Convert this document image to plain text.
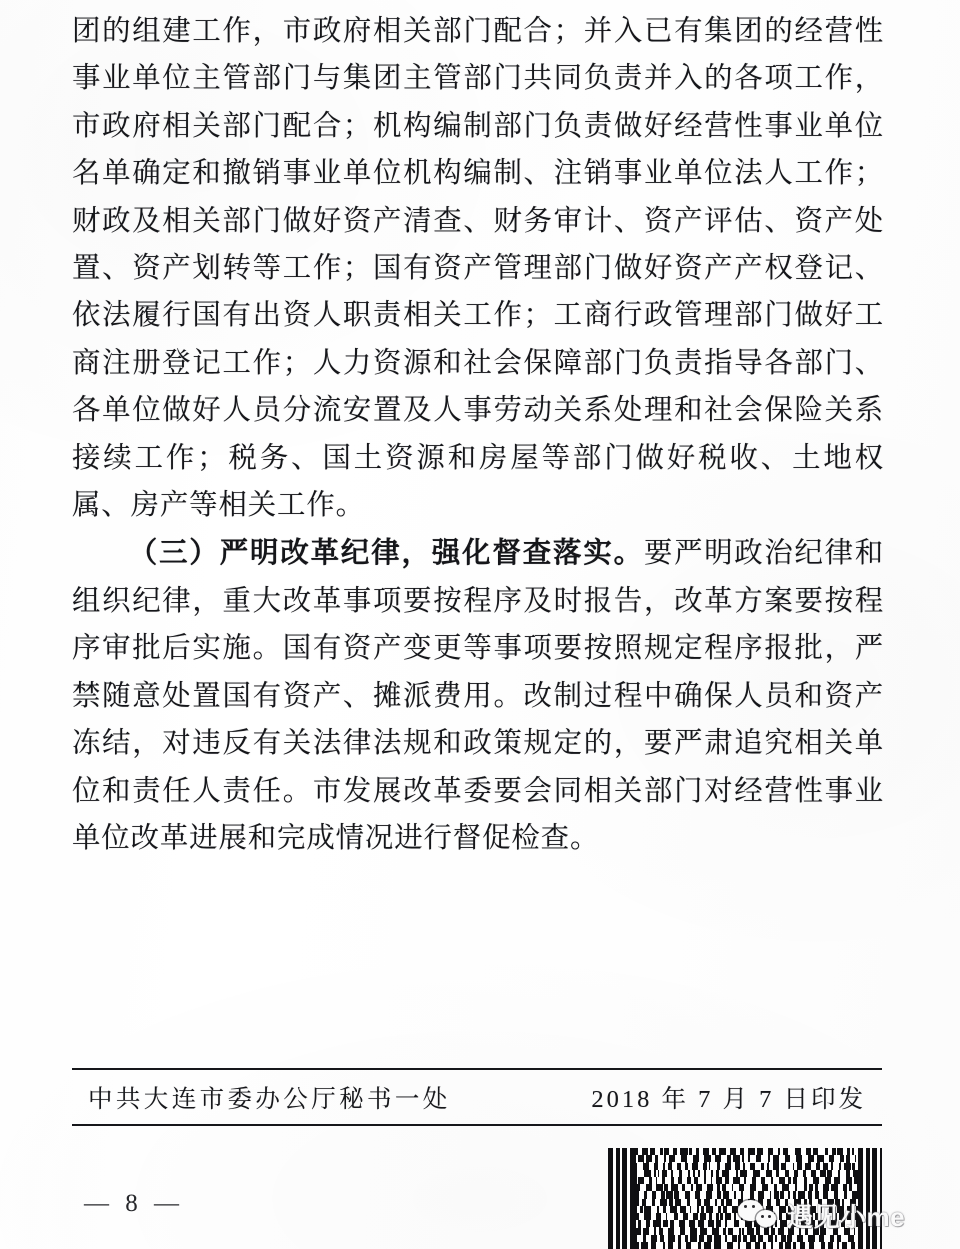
团的组建工作，市政府相关部门配合；并入已有集团的经营性事业单位主管部门与集团主管部门共同负责并入的各项工作，市政府相关部门配合；机构编制部门负责做好经营性事业单位名单确定和撤销事业单位机构编制、注销事业单位法人工作；财政及相关部门做好资产清查、财务审计、资产评估、资产处置、资产划转等工作；国有资产管理部门做好资产产权登记、依法履行国有出资人职责相关工作；工商行政管理部门做好工商注册登记工作；人力资源和社会保障部门负责指导各部门、各单位做好人员分流安置及人事劳动关系处理和社会保险关系接续工作；税务、国土资源和房屋等部门做好税收、土地权属、房产等相关工作。

（三）严明改革纪律，强化督查落实。要严明政治纪律和组织纪律，重大改革事项要按程序及时报告，改革方案要按程序审批后实施。国有资产变更等事项要按照规定程序报批，严禁随意处置国有资产、摊派费用。改制过程中确保人员和资产冻结，对违反有关法律法规和政策规定的，要严肃追究相关单位和责任人责任。市发展改革委要会同相关部门对经营性事业单位改革进展和完成情况进行督促检查。

中共大连市委办公厅秘书一处	2018 年 7 月 7 日印发
— 8 —	遇见小me
